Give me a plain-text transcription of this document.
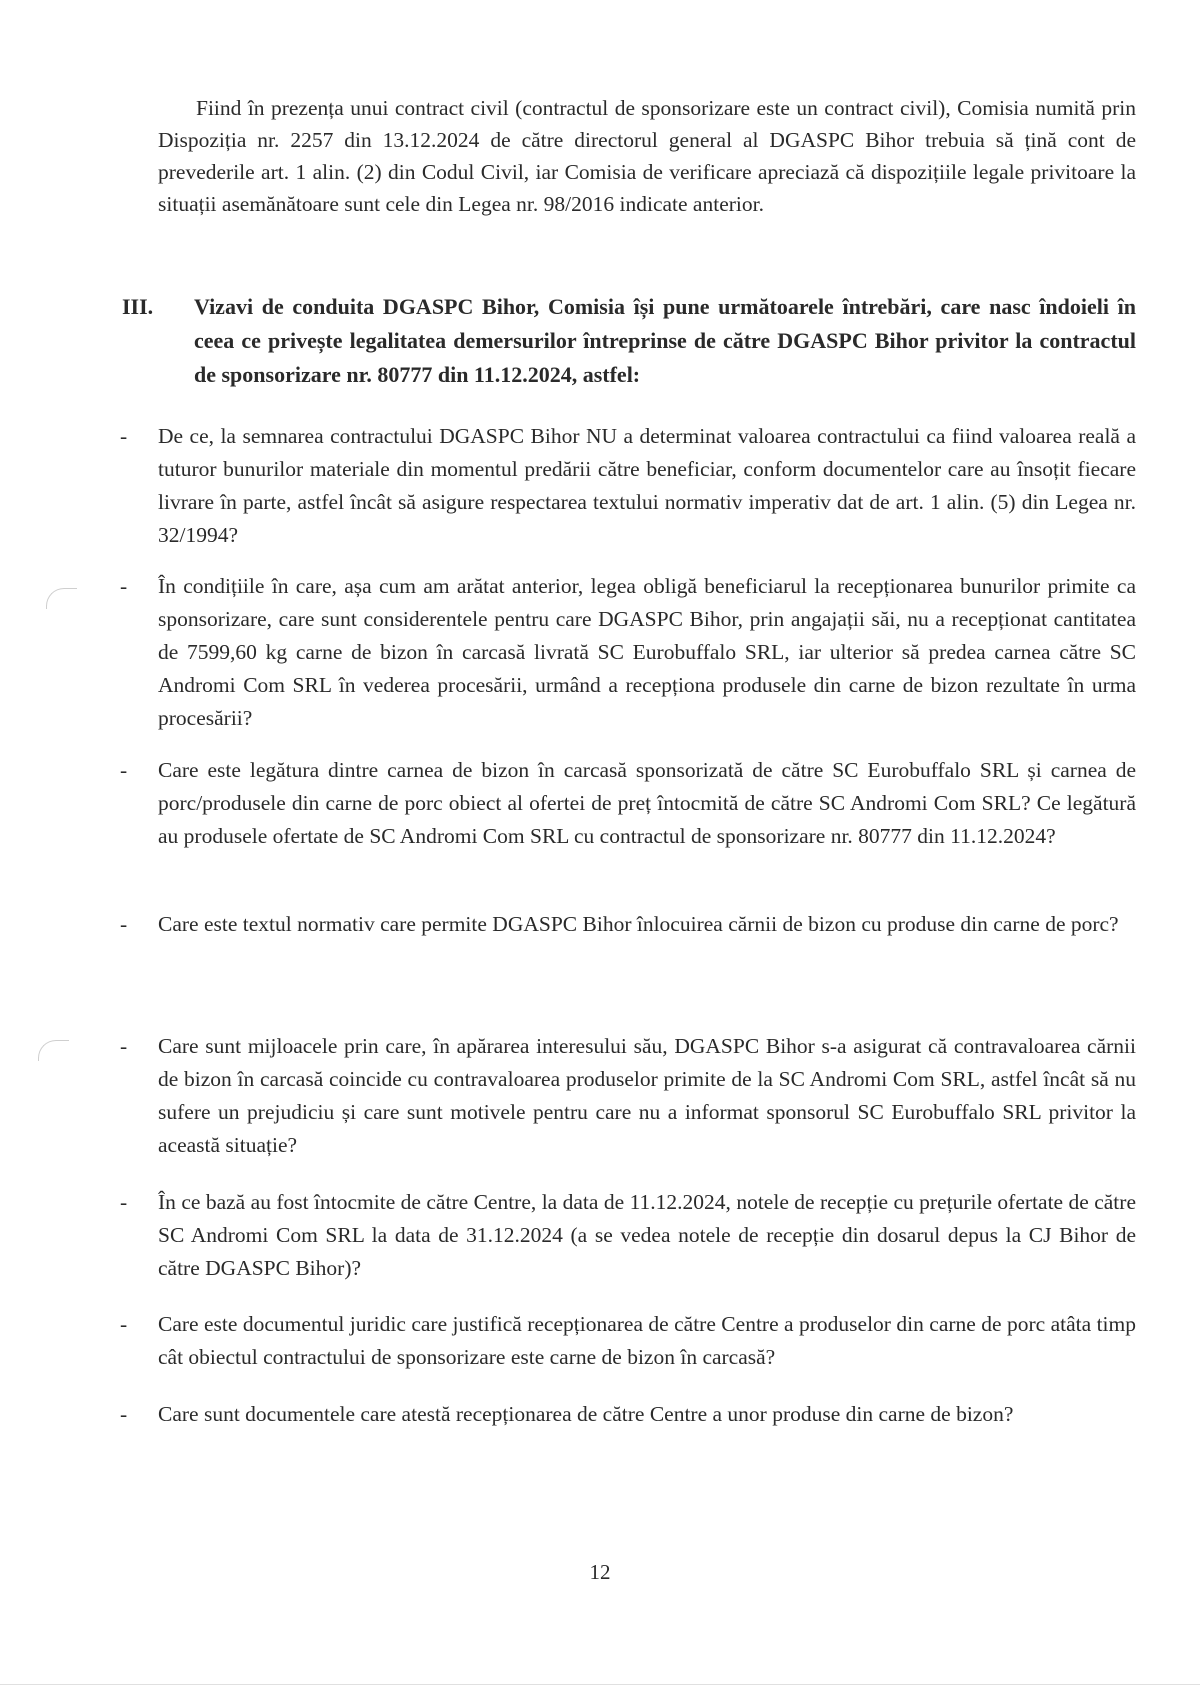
Fiind în prezența unui contract civil (contractul de sponsorizare este un contract civil), Comisia numită prin Dispoziția nr. 2257 din 13.12.2024 de către directorul general al DGASPC Bihor trebuia să țină cont de prevederile art. 1 alin. (2) din Codul Civil, iar Comisia de verificare apreciază că dispozițiile legale privitoare la situații asemănătoare sunt cele din Legea nr. 98/2016 indicate anterior.

III. Vizavi de conduita DGASPC Bihor, Comisia își pune următoarele întrebări, care nasc îndoieli în ceea ce privește legalitatea demersurilor întreprinse de către DGASPC Bihor privitor la contractul de sponsorizare nr. 80777 din 11.12.2024, astfel:
- De ce, la semnarea contractului DGASPC Bihor NU a determinat valoarea contractului ca fiind valoarea reală a tuturor bunurilor materiale din momentul predării către beneficiar, conform documentelor care au însoțit fiecare livrare în parte, astfel încât să asigure respectarea textului normativ imperativ dat de art. 1 alin. (5) din Legea nr. 32/1994?
- În condițiile în care, așa cum am arătat anterior, legea obligă beneficiarul la recepționarea bunurilor primite ca sponsorizare, care sunt considerentele pentru care DGASPC Bihor, prin angajații săi, nu a recepționat cantitatea de 7599,60 kg carne de bizon în carcasă livrată SC Eurobuffalo SRL, iar ulterior să predea carnea către SC Andromi Com SRL în vederea procesării, urmând a recepționa produsele din carne de bizon rezultate în urma procesării?
- Care este legătura dintre carnea de bizon în carcasă sponsorizată de către SC Eurobuffalo SRL și carnea de porc/produsele din carne de porc obiect al ofertei de preț întocmită de către SC Andromi Com SRL? Ce legătură au produsele ofertate de SC Andromi Com SRL cu contractul de sponsorizare nr. 80777 din 11.12.2024?
- Care este textul normativ care permite DGASPC Bihor înlocuirea cărnii de bizon cu produse din carne de porc?
- Care sunt mijloacele prin care, în apărarea interesului său, DGASPC Bihor s-a asigurat că contravaloarea cărnii de bizon în carcasă coincide cu contravaloarea produselor primite de la SC Andromi Com SRL, astfel încât să nu sufere un prejudiciu și care sunt motivele pentru care nu a informat sponsorul SC Eurobuffalo SRL privitor la această situație?
- În ce bază au fost întocmite de către Centre, la data de 11.12.2024, notele de recepție cu prețurile ofertate de către SC Andromi Com SRL la data de 31.12.2024 (a se vedea notele de recepție din dosarul depus la CJ Bihor de către DGASPC Bihor)?
- Care este documentul juridic care justifică recepționarea de către Centre a produselor din carne de porc atâta timp cât obiectul contractului de sponsorizare este carne de bizon în carcasă?
- Care sunt documentele care atestă recepționarea de către Centre a unor produse din carne de bizon?
12
